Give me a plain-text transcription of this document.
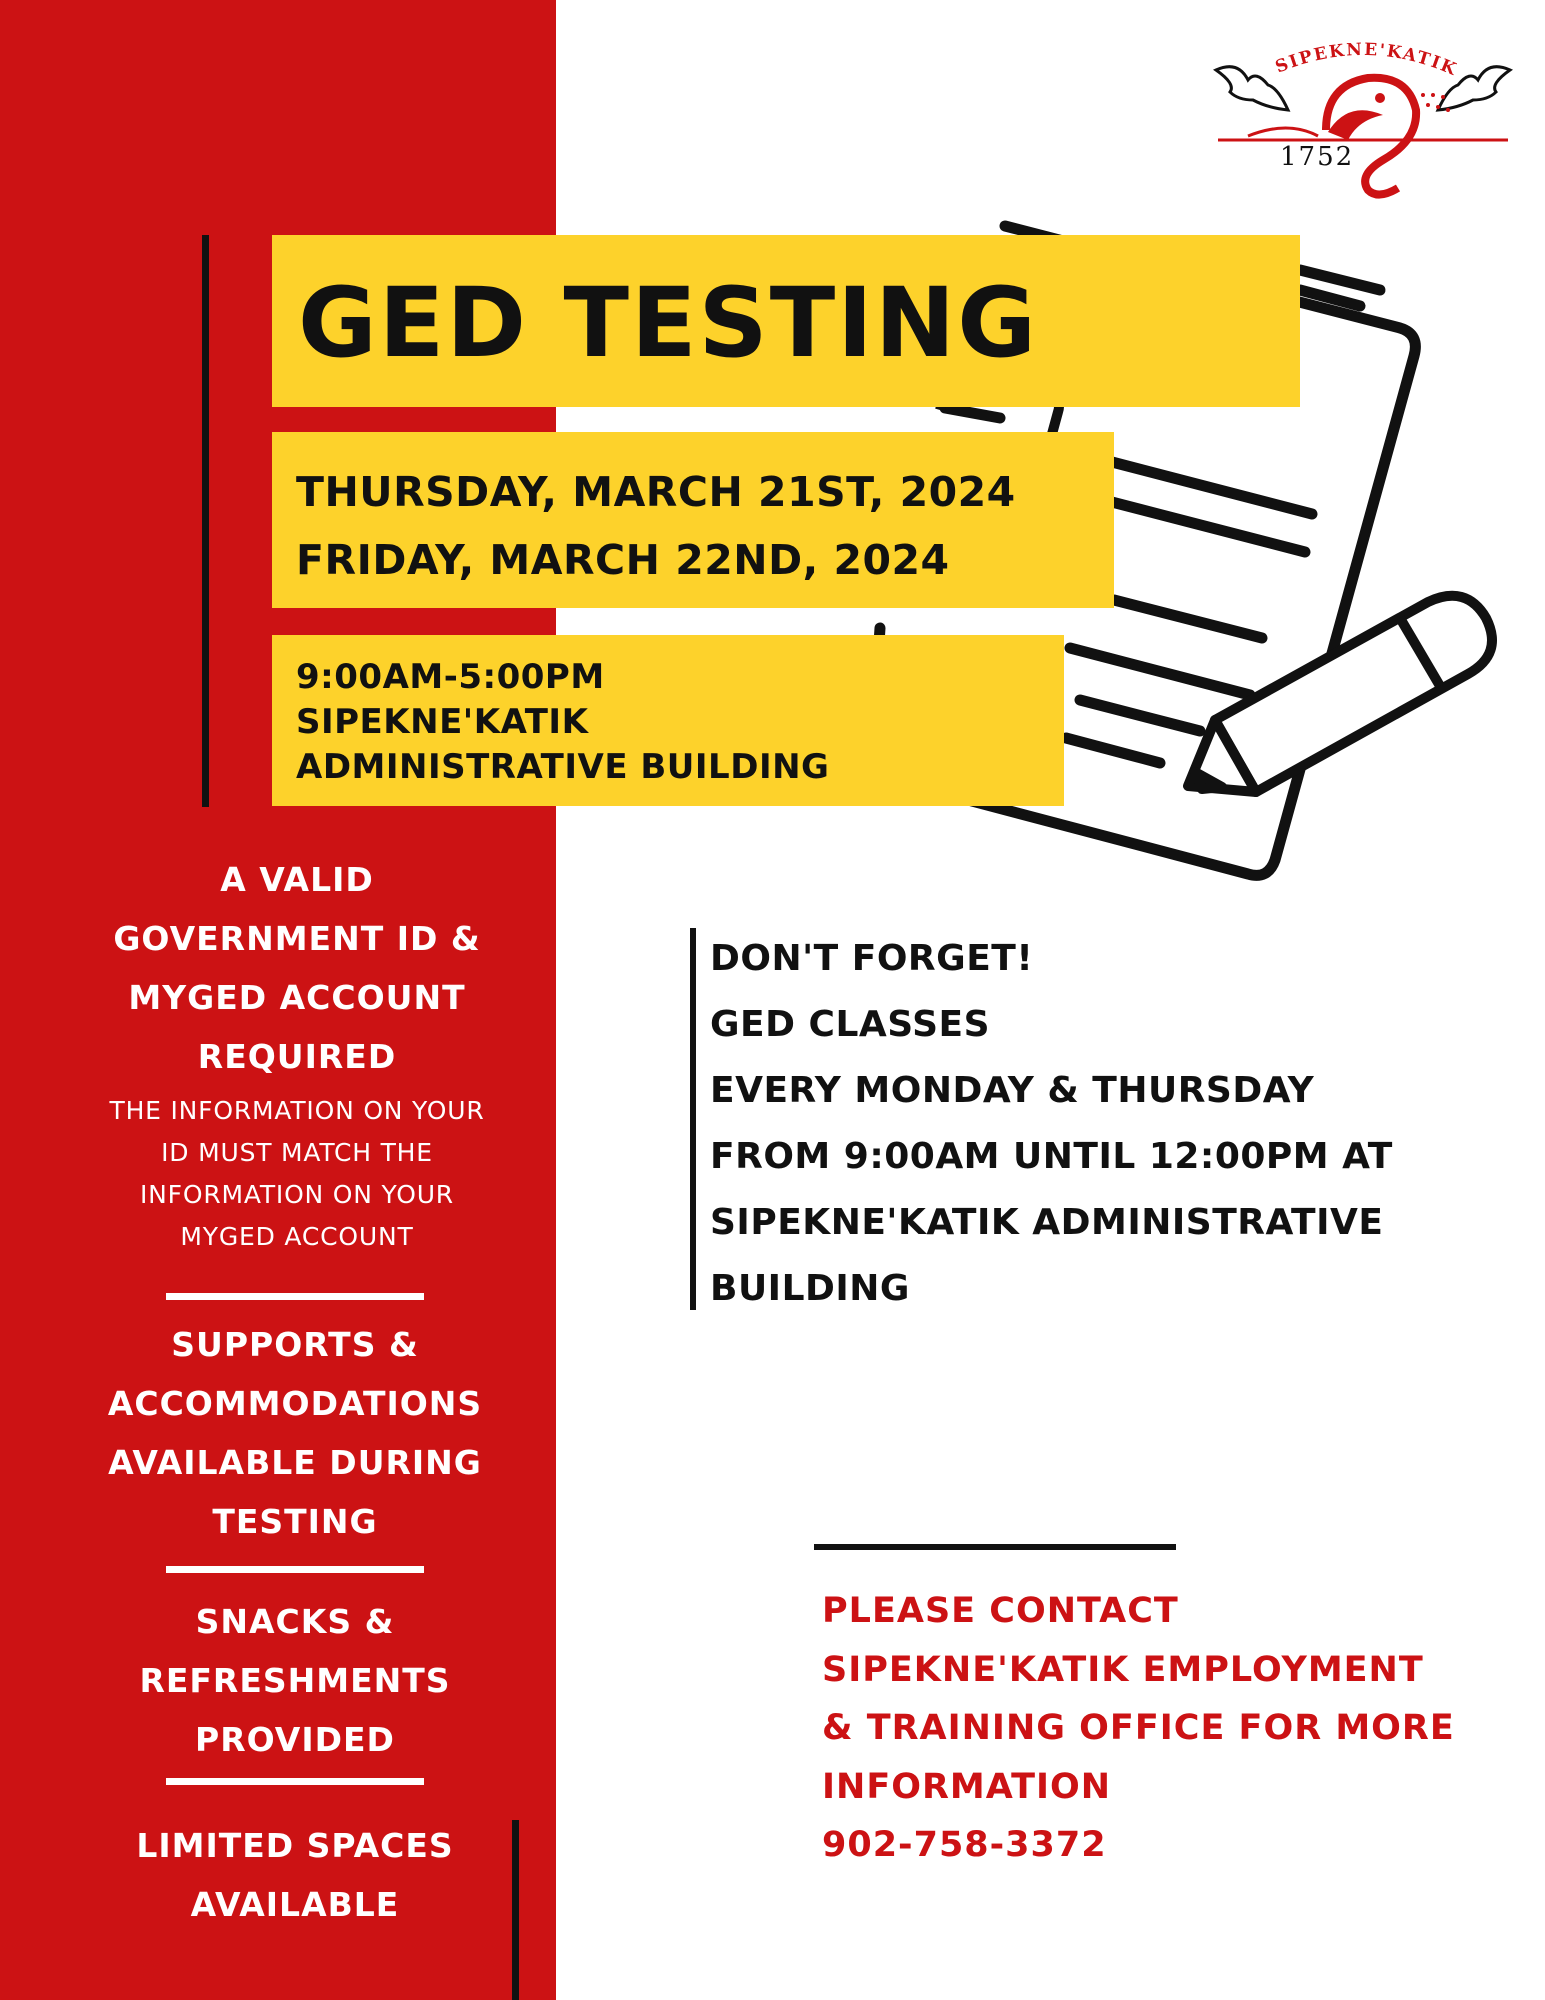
SIPEKNE'KATIK
1752
GED TESTING
THURSDAY, MARCH 21ST, 2024
FRIDAY, MARCH 22ND, 2024
9:00AM-5:00PM
SIPEKNE'KATIK
ADMINISTRATIVE BUILDING
A VALID
GOVERNMENT ID &
MYGED ACCOUNT
REQUIRED
THE INFORMATION ON YOUR
ID MUST MATCH THE
INFORMATION ON YOUR
MYGED ACCOUNT
SUPPORTS &
ACCOMMODATIONS
AVAILABLE DURING
TESTING
SNACKS &
REFRESHMENTS
PROVIDED
LIMITED SPACES
AVAILABLE
DON'T FORGET!
GED CLASSES
EVERY MONDAY & THURSDAY
FROM 9:00AM UNTIL 12:00PM AT
SIPEKNE'KATIK ADMINISTRATIVE
BUILDING
PLEASE CONTACT
SIPEKNE'KATIK EMPLOYMENT
& TRAINING OFFICE FOR MORE
INFORMATION
902-758-3372
